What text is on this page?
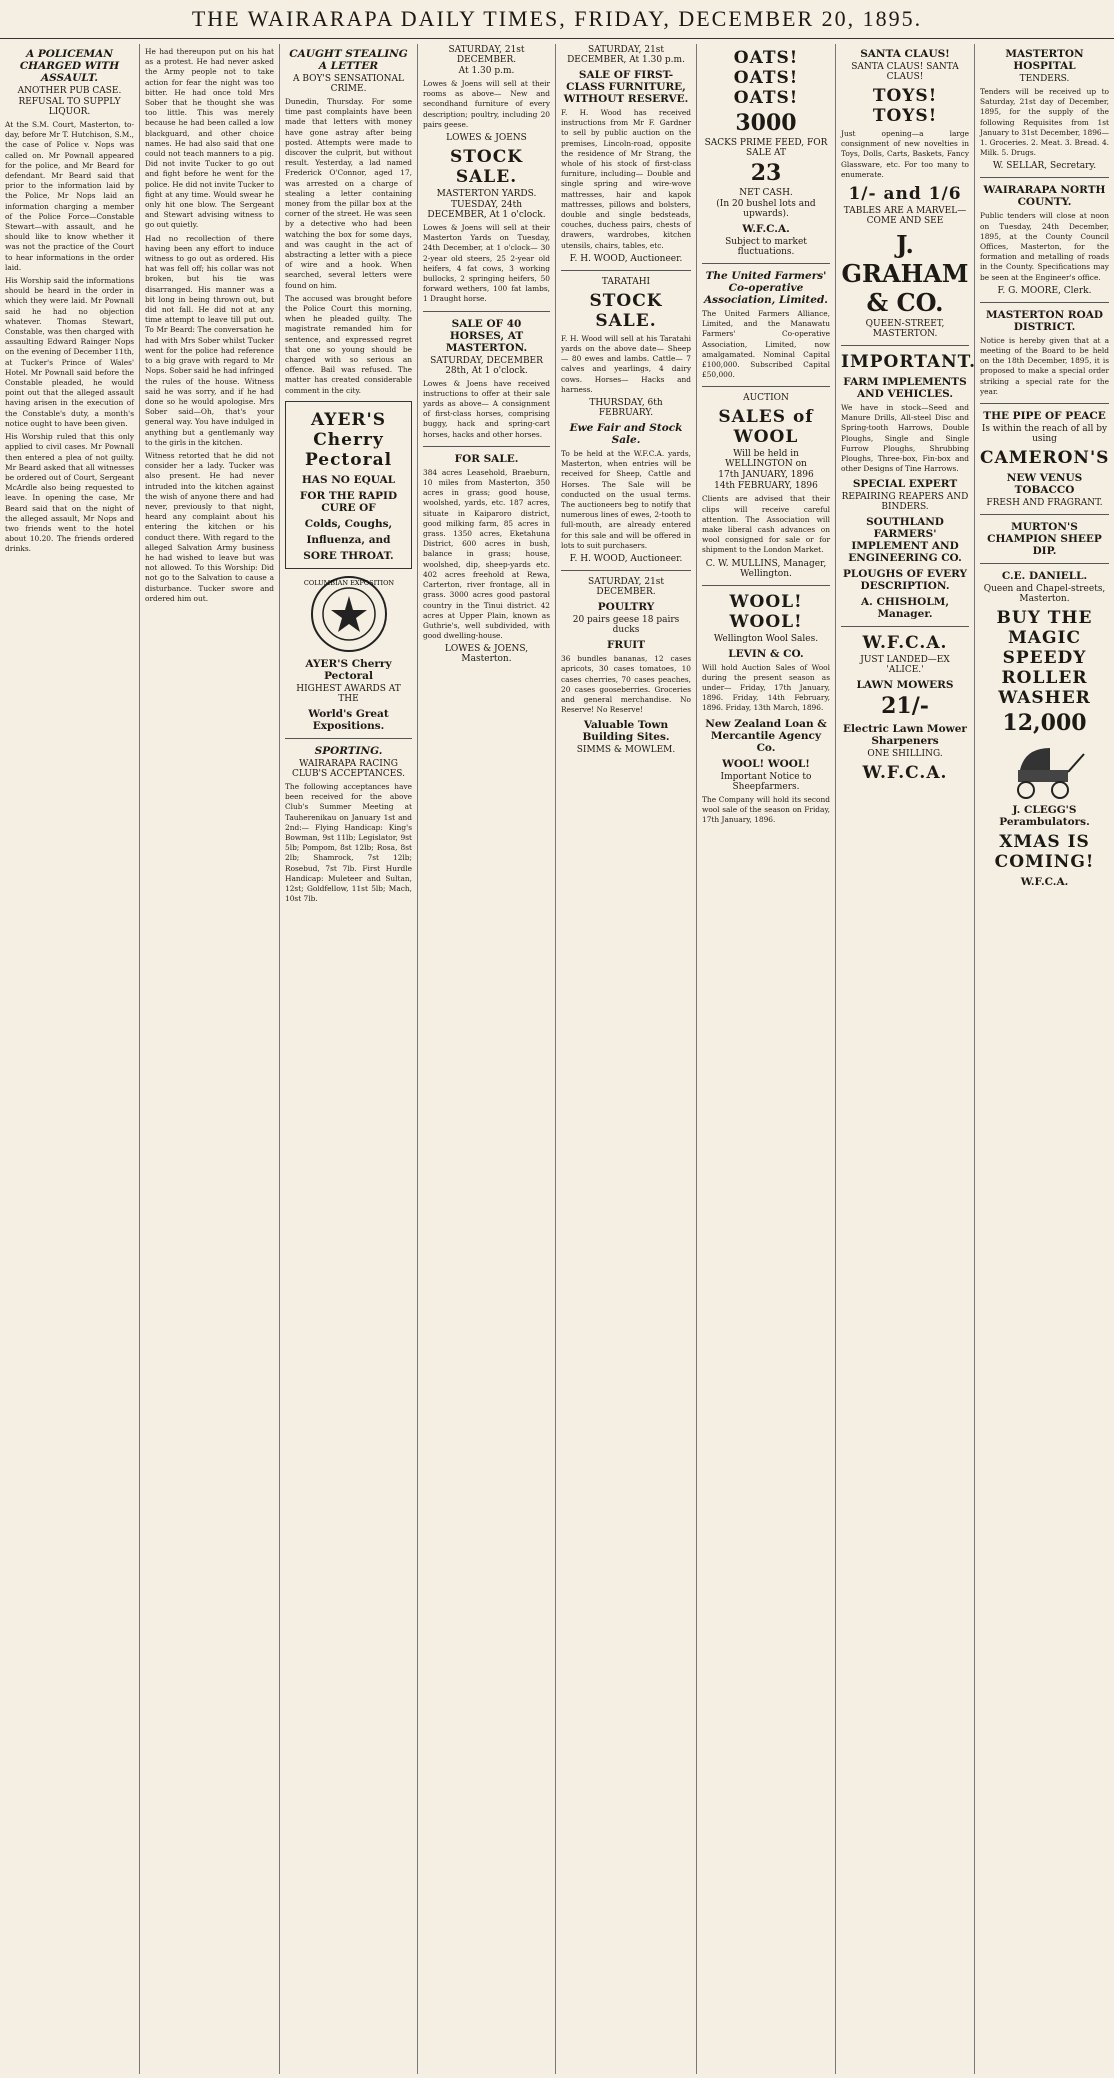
THE WAIRARAPA DAILY TIMES, FRIDAY, DECEMBER 20, 1895.
A POLICEMAN CHARGED WITH ASSAULT.
ANOTHER PUB CASE.
REFUSAL TO SUPPLY LIQUOR.
At the S.M. Court, Masterton, to-day, before Mr T. Hutchison, S.M., the case of Police v. Nops was called on. Mr Pownall appeared for the police, and Mr Beard for defendant. Mr Beard said that prior to the information laid by the Police, Mr Nops laid an information charging a member of the Police Force—Constable Stewart—with assault, and he should like to know whether it was not the practice of the Court to hear informations in the order laid.
His Worship said the informations should be heard in the order in which they were laid. Mr Pownall said he had no objection whatever. Thomas Stewart, Constable, was then charged with assaulting Edward Rainger Nops on the evening of December 11th, at Tucker's Prince of Wales' Hotel. Mr Pownall said before the Constable pleaded, he would point out that the alleged assault having arisen in the execution of the Constable's duty, a month's notice ought to have been given.
His Worship ruled that this only applied to civil cases. Mr Pownall then entered a plea of not guilty. Mr Beard asked that all witnesses be ordered out of Court, Sergeant McArdle also being requested to leave. In opening the case, Mr Beard said that on the night of the alleged assault, Mr Nops and two friends went to the hotel about 10.20. The friends ordered drinks.
He had thereupon put on his hat as a protest. He had never asked the Army people not to take action for fear the night was too bitter. He had once told Mrs Sober that he thought she was too little. This was merely because he had been called a low blackguard, and other choice names. He had also said that one could not teach manners to a pig. Did not invite Tucker to go out and fight before he went for the police. He did not invite Tucker to fight at any time. Would swear he only hit one blow. The Sergeant and Stewart advising witness to go out quietly.
Had no recollection of there having been any effort to induce witness to go out as ordered. His hat was fell off; his collar was not broken, but his tie was disarranged. His manner was a bit long in being thrown out, but did not fall. He did not at any time attempt to leave till put out. To Mr Beard: The conversation he had with Mrs Sober whilst Tucker went for the police had reference to a big grave with regard to Mr Nops. Sober said he had infringed the rules of the house. Witness said he was sorry, and if he had done so he would apologise. Mrs Sober said—Oh, that's your general way. You have indulged in anything but a gentlemanly way to the girls in the kitchen.
Witness retorted that he did not consider her a lady. Tucker was also present. He had never intruded into the kitchen against the wish of anyone there and had never, previously to that night, heard any complaint about his entering the kitchen or his conduct there. With regard to the alleged Salvation Army business he had wished to leave but was not allowed. To this Worship: Did not go to the Salvation to cause a disturbance. Tucker swore and ordered him out.
CAUGHT STEALING A LETTER
A BOY'S SENSATIONAL CRIME.
Dunedin, Thursday. For some time past complaints have been made that letters with money have gone astray after being posted. Attempts were made to discover the culprit, but without result. Yesterday, a lad named Frederick O'Connor, aged 17, was arrested on a charge of stealing a letter containing money from the pillar box at the corner of the street. He was seen by a detective who had been watching the box for some days, and was caught in the act of abstracting a letter with a piece of wire and a hook. When searched, several letters were found on him.
The accused was brought before the Police Court this morning, when he pleaded guilty. The magistrate remanded him for sentence, and expressed regret that one so young should be charged with so serious an offence. Bail was refused. The matter has created considerable comment in the city.
AYER'S Cherry Pectoral
HAS NO EQUAL
FOR THE RAPID CURE OF
Colds, Coughs,
Influenza, and
SORE THROAT.
COLUMBIAN EXPOSITION
AYER'S Cherry Pectoral
HIGHEST AWARDS AT THE
World's Great Expositions.
SPORTING.
WAIRARAPA RACING CLUB'S ACCEPTANCES.
The following acceptances have been received for the above Club's Summer Meeting at Tauherenikau on January 1st and 2nd:— Flying Handicap: King's Bowman, 9st 11lb; Legislator, 9st 5lb; Pompom, 8st 12lb; Rosa, 8st 2lb; Shamrock, 7st 12lb; Rosebud, 7st 7lb. First Hurdle Handicap: Muleteer and Sultan, 12st; Goldfellow, 11st 5lb; Mach, 10st 7lb.
SATURDAY, 21st DECEMBER.
At 1.30 p.m.
Lowes & Joens will sell at their rooms as above— New and secondhand furniture of every description; poultry, including 20 pairs geese.
LOWES & JOENS
STOCK SALE.
MASTERTON YARDS.
TUESDAY, 24th DECEMBER, At 1 o'clock.
Lowes & Joens will sell at their Masterton Yards on Tuesday, 24th December, at 1 o'clock— 30 2-year old steers, 25 2-year old heifers, 4 fat cows, 3 working bullocks, 2 springing heifers, 50 forward wethers, 100 fat lambs, 1 Draught horse.
SALE OF 40 HORSES, AT MASTERTON.
SATURDAY, DECEMBER 28th, At 1 o'clock.
Lowes & Joens have received instructions to offer at their sale yards as above— A consignment of first-class horses, comprising buggy, hack and spring-cart horses, hacks and other horses.
FOR SALE.
384 acres Leasehold, Braeburn, 10 miles from Masterton, 350 acres in grass; good house, woolshed, yards, etc. 187 acres, situate in Kaiparoro district, good milking farm, 85 acres in grass. 1350 acres, Eketahuna District, 600 acres in bush, balance in grass; house, woolshed, dip, sheep-yards etc. 402 acres freehold at Rewa, Carterton, river frontage, all in grass. 3000 acres good pastoral country in the Tinui district. 42 acres at Upper Plain, known as Guthrie's, well subdivided, with good dwelling-house.
LOWES & JOENS, Masterton.
SATURDAY, 21st DECEMBER, At 1.30 p.m.
SALE OF FIRST-CLASS FURNITURE, WITHOUT RESERVE.
F. H. Wood has received instructions from Mr F. Gardner to sell by public auction on the premises, Lincoln-road, opposite the residence of Mr Strang, the whole of his stock of first-class furniture, including— Double and single spring and wire-wove mattresses, hair and kapok mattresses, pillows and bolsters, double and single bedsteads, couches, duchess pairs, chests of drawers, wardrobes, kitchen utensils, chairs, tables, etc.
F. H. WOOD, Auctioneer.
TARATAHI
STOCK SALE.
F. H. Wood will sell at his Taratahi yards on the above date— Sheep— 80 ewes and lambs. Cattle— 7 calves and yearlings, 4 dairy cows. Horses— Hacks and harness.
THURSDAY, 6th FEBRUARY.
Ewe Fair and Stock Sale.
To be held at the W.F.C.A. yards, Masterton, when entries will be received for Sheep, Cattle and Horses. The Sale will be conducted on the usual terms. The auctioneers beg to notify that numerous lines of ewes, 2-tooth to full-mouth, are already entered for this sale and will be offered in lots to suit purchasers.
F. H. WOOD, Auctioneer.
SATURDAY, 21st DECEMBER.
POULTRY
20 pairs geese 18 pairs ducks
FRUIT
36 bundles bananas, 12 cases apricots, 30 cases tomatoes, 10 cases cherries, 70 cases peaches, 20 cases gooseberries. Groceries and general merchandise. No Reserve! No Reserve!
Valuable Town Building Sites.
SIMMS & MOWLEM.
OATS! OATS! OATS!
3000
SACKS PRIME FEED, FOR SALE AT
23
NET CASH.
(In 20 bushel lots and upwards).
W.F.C.A.
Subject to market fluctuations.
The United Farmers' Co-operative Association, Limited.
The United Farmers Alliance, Limited, and the Manawatu Farmers' Co-operative Association, Limited, now amalgamated. Nominal Capital £100,000. Subscribed Capital £50,000.
AUCTION
SALES of WOOL
Will be held in WELLINGTON on
17th JANUARY, 1896
14th FEBRUARY, 1896
Clients are advised that their clips will receive careful attention. The Association will make liberal cash advances on wool consigned for sale or for shipment to the London Market.
C. W. MULLINS, Manager, Wellington.
WOOL! WOOL!
Wellington Wool Sales.
LEVIN & CO.
Will hold Auction Sales of Wool during the present season as under— Friday, 17th January, 1896. Friday, 14th February, 1896. Friday, 13th March, 1896.
New Zealand Loan & Mercantile Agency Co.
WOOL! WOOL!
Important Notice to Sheepfarmers.
The Company will hold its second wool sale of the season on Friday, 17th January, 1896.
SANTA CLAUS!
SANTA CLAUS! SANTA CLAUS!
TOYS! TOYS!
Just opening—a large consignment of new novelties in Toys, Dolls, Carts, Baskets, Fancy Glassware, etc. For too many to enumerate.
1/- and 1/6
TABLES ARE A MARVEL—COME AND SEE
J. GRAHAM & CO.
QUEEN-STREET, MASTERTON.
IMPORTANT.
FARM IMPLEMENTS AND VEHICLES.
We have in stock—Seed and Manure Drills, All-steel Disc and Spring-tooth Harrows, Double Ploughs, Single and Single Furrow Ploughs, Shrubbing Ploughs, Three-box, Fin-box and other Designs of Tine Harrows.
SPECIAL EXPERT
REPAIRING REAPERS AND BINDERS.
SOUTHLAND FARMERS' IMPLEMENT AND ENGINEERING CO.
PLOUGHS OF EVERY DESCRIPTION.
A. CHISHOLM, Manager.
W.F.C.A.
JUST LANDED—EX 'ALICE.'
LAWN MOWERS
21/-
Electric Lawn Mower Sharpeners
ONE SHILLING.
W.F.C.A.
MASTERTON HOSPITAL
TENDERS.
Tenders will be received up to Saturday, 21st day of December, 1895, for the supply of the following Requisites from 1st January to 31st December, 1896— 1. Groceries. 2. Meat. 3. Bread. 4. Milk. 5. Drugs.
W. SELLAR, Secretary.
WAIRARAPA NORTH COUNTY.
Public tenders will close at noon on Tuesday, 24th December, 1895, at the County Council Offices, Masterton, for the formation and metalling of roads in the County. Specifications may be seen at the Engineer's office.
F. G. MOORE, Clerk.
MASTERTON ROAD DISTRICT.
Notice is hereby given that at a meeting of the Board to be held on the 18th December, 1895, it is proposed to make a special order striking a special rate for the year.
THE PIPE OF PEACE
Is within the reach of all by using
CAMERON'S
NEW VENUS TOBACCO
FRESH AND FRAGRANT.
MURTON'S CHAMPION SHEEP DIP.
C.E. DANIELL.
Queen and Chapel-streets, Masterton.
BUY THE MAGIC SPEEDY ROLLER WASHER
12,000
J. CLEGG'S Perambulators.
XMAS IS COMING!
W.F.C.A.
